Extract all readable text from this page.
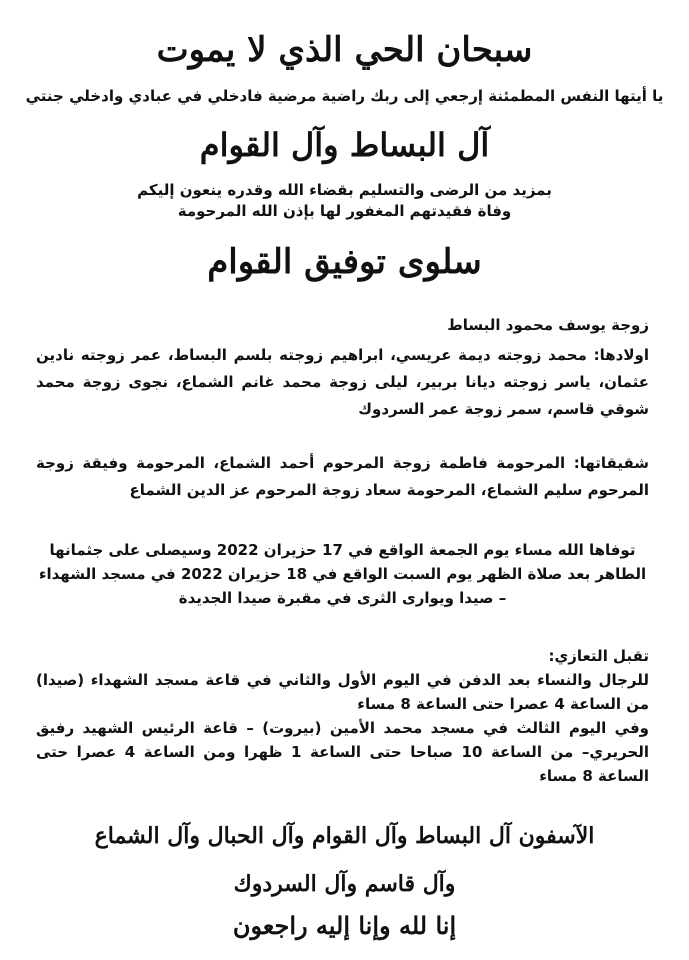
سبحان الحي الذي لا يموت
يا أيتها النفس المطمئنة إرجعي إلى ربك راضية مرضية فادخلي في عبادي وادخلي جنتي
آل البساط وآل القوام
بمزيد من الرضى والتسليم بقضاء الله وقدره ينعون إليكم
وفاة فقيدتهم المغفور لها بإذن الله المرحومة
سلوى توفيق القوام
زوجة يوسف محمود البساط
اولادها: محمد زوجته ديمة عريسي، ابراهيم زوجته بلسم البساط، عمر زوجته نادين عثمان، ياسر زوجته ديانا بربير، ليلى زوجة محمد غانم الشماع، نجوى زوجة محمد شوقي قاسم، سمر زوجة عمر السردوك
شقيقاتها: المرحومة فاطمة زوجة المرحوم أحمد الشماع، المرحومة وفيقة زوجة المرحوم سليم الشماع، المرحومة سعاد زوجة المرحوم عز الدين الشماع
توفاها الله مساء يوم الجمعة الواقع في 17 حزيران 2022 وسيصلى على جثمانها الطاهر بعد صلاة الظهر يوم السبت الواقع في 18 حزيران 2022 في مسجد الشهداء – صيدا ويوارى الثرى في مقبرة صيدا الجديدة
تقبل التعازي:
للرجال والنساء بعد الدفن في اليوم الأول والثاني في قاعة مسجد الشهداء (صيدا) من الساعة 4 عصرا حتى الساعة 8 مساء
وفي اليوم الثالث في مسجد محمد الأمين (بيروت) – قاعة الرئيس الشهيد رفيق الحريري– من الساعة 10 صباحا حتى الساعة 1 ظهرا ومن الساعة 4 عصرا حتى الساعة 8 مساء
الآسفون آل البساط وآل القوام وآل الحبال وآل الشماع
وآل قاسم وآل السردوك
إنا لله وإنا إليه راجعون
